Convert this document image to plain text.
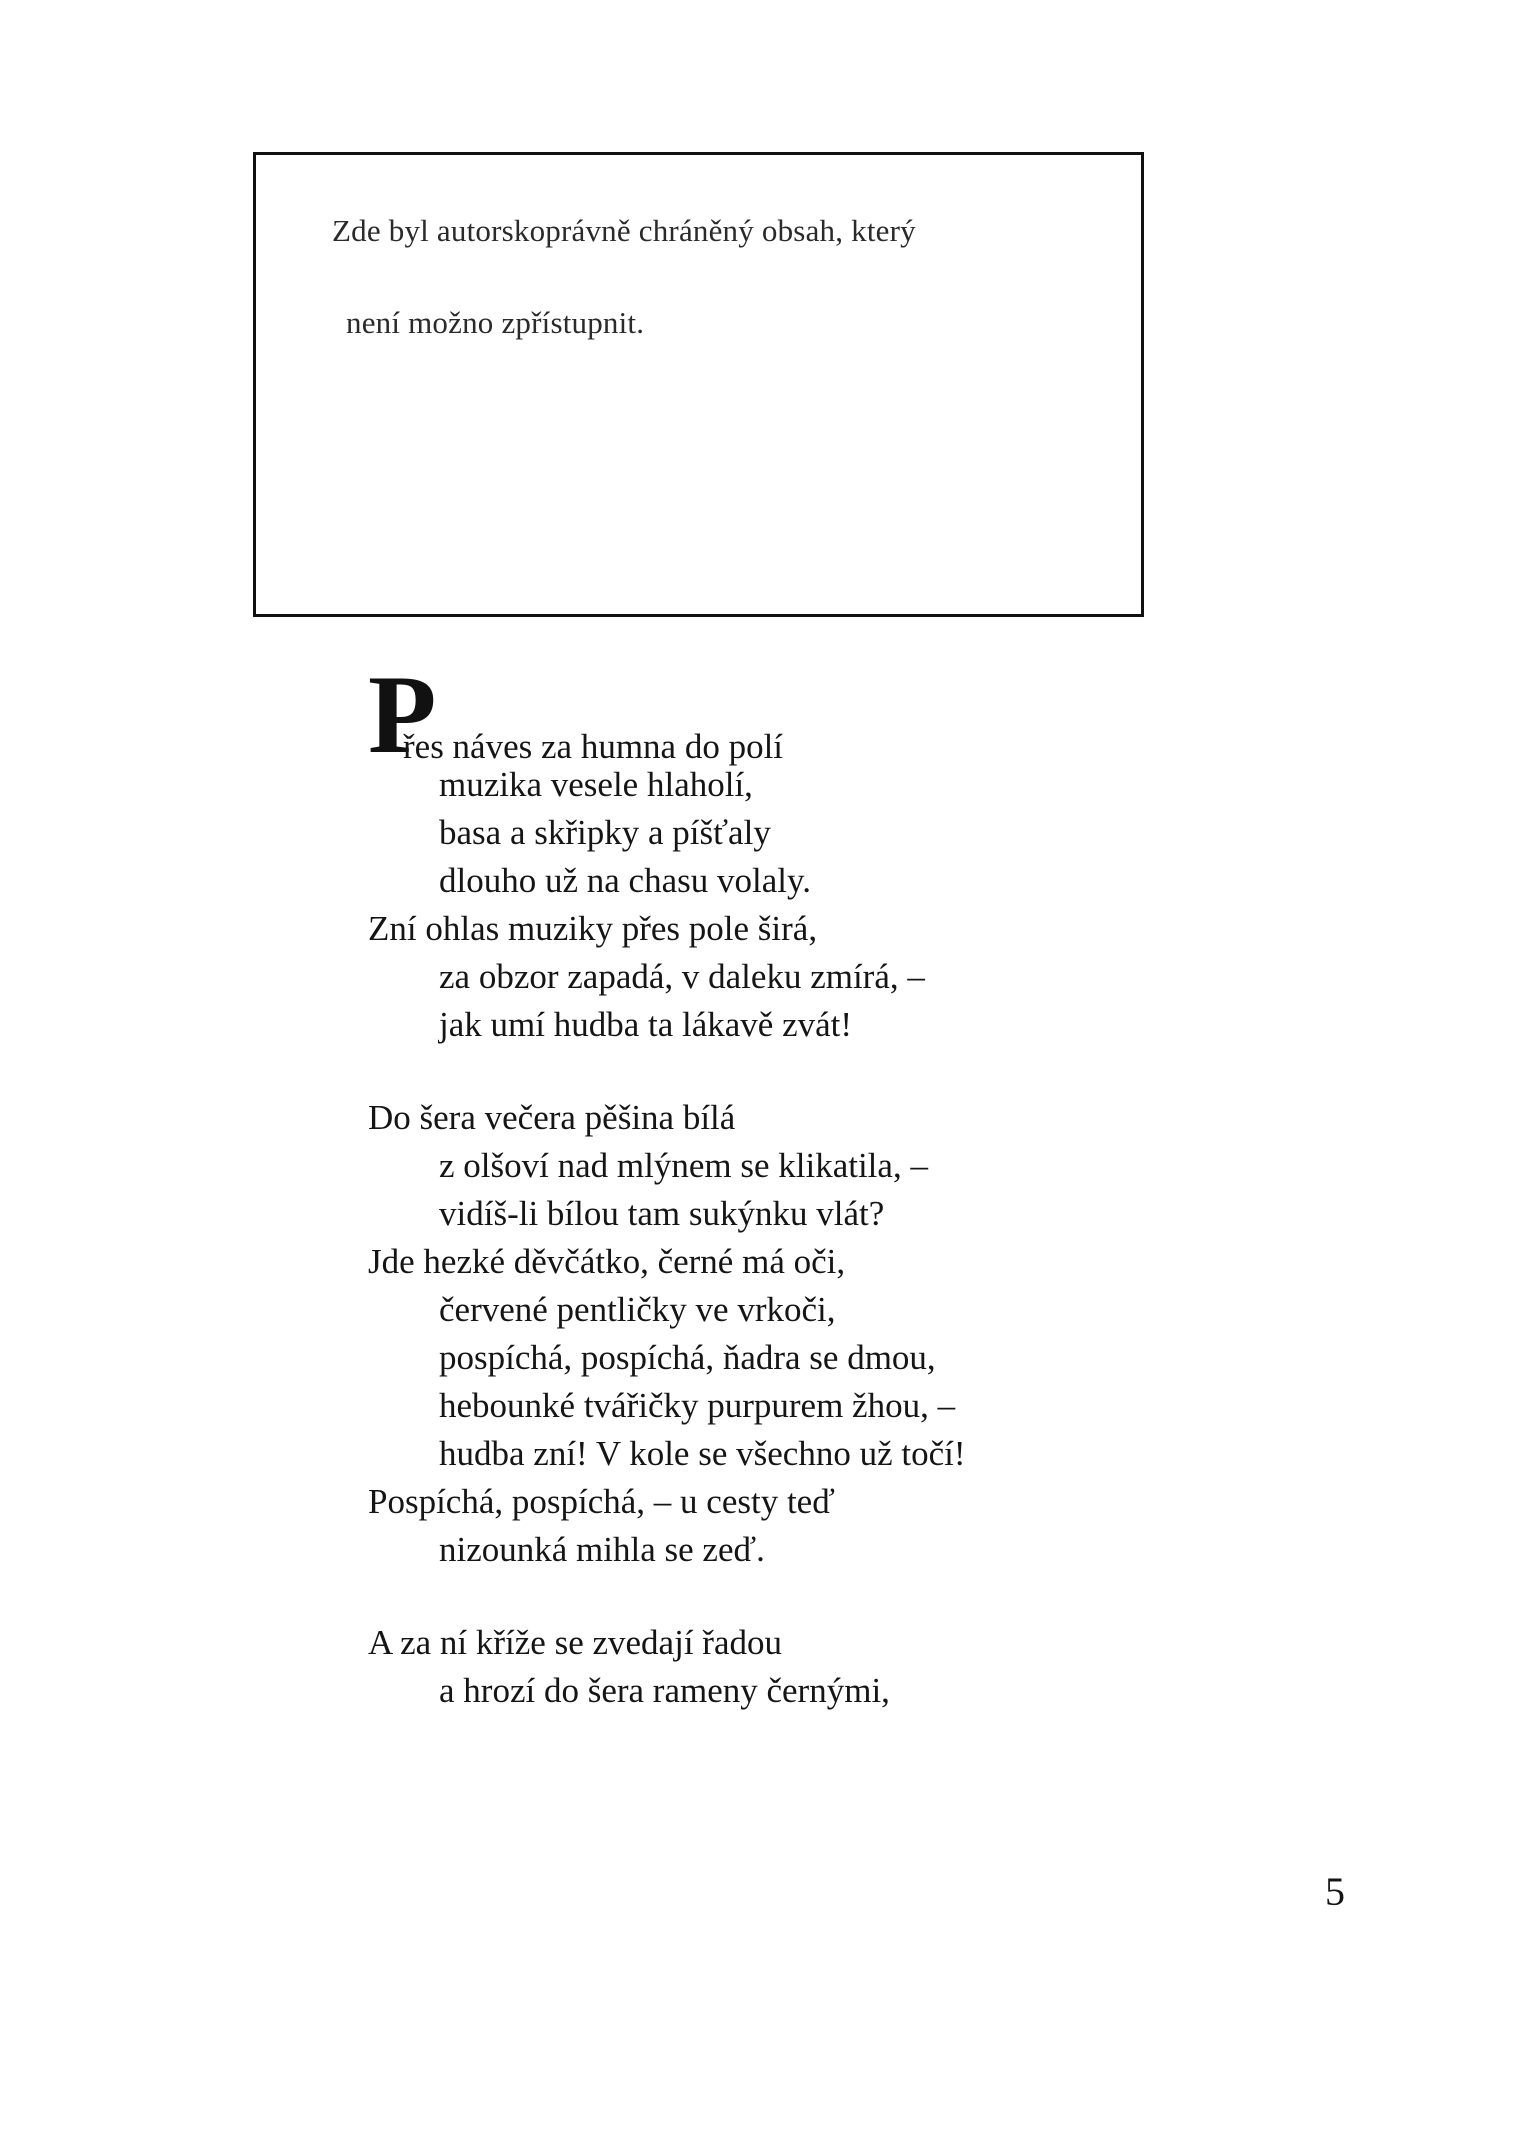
Zde byl autorskoprávně chráněný obsah, který
není možno zpřístupnit.
P
řes náves za humna do polí
muzika vesele hlaholí,
basa a skřipky a píšťaly
dlouho už na chasu volaly.
Zní ohlas muziky přes pole širá,
za obzor zapadá, v daleku zmírá, –
jak umí hudba ta lákavě zvát!
Do šera večera pěšina bílá
z olšoví nad mlýnem se klikatila, –
vidíš-li bílou tam sukýnku vlát?
Jde hezké děvčátko, černé má oči,
červené pentličky ve vrkoči,
pospíchá, pospíchá, ňadra se dmou,
hebounké tvářičky purpurem žhou, –
hudba zní! V kole se všechno už točí!
Pospíchá, pospíchá, – u cesty teď
nizounká mihla se zeď.
A za ní kříže se zvedají řadou
a hrozí do šera rameny černými,
5
